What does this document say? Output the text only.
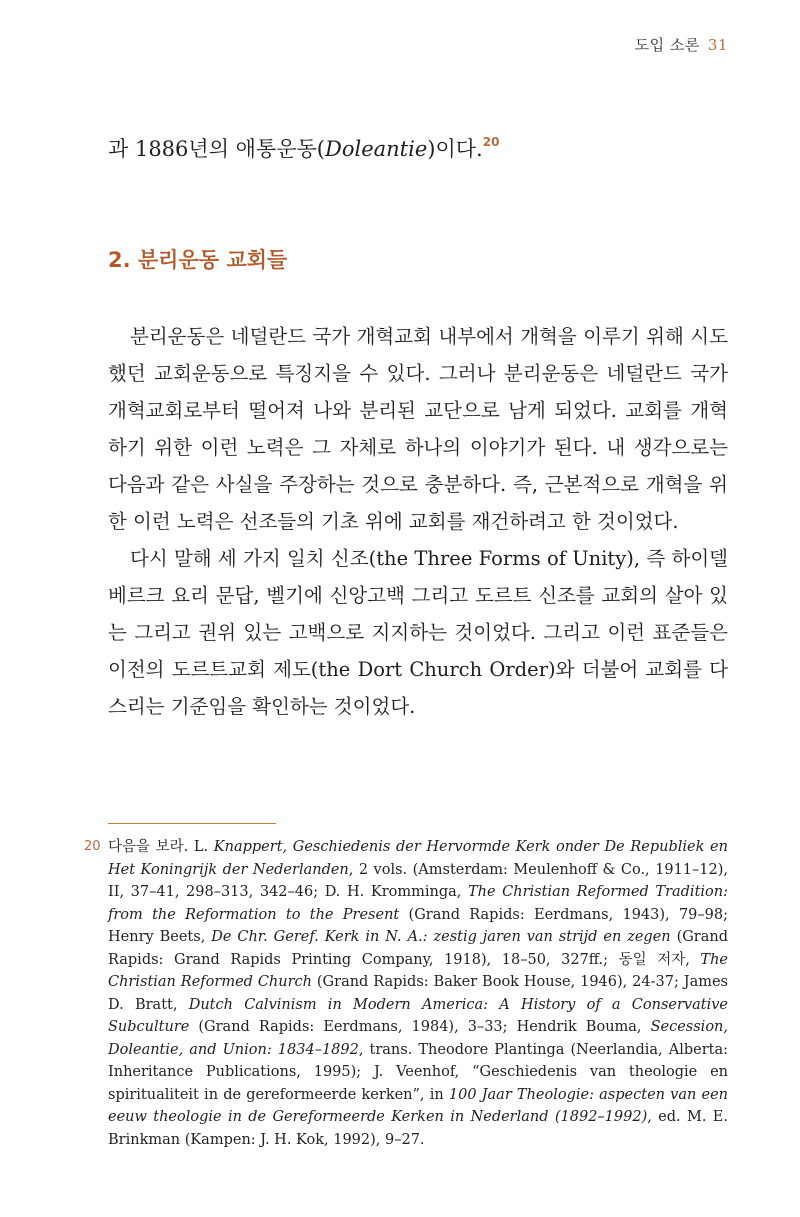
도입 소론 31
과 1886년의 애통운동(Doleantie)이다.$^{20}$
2. 분리운동 교회들

분리운동은 네덜란드 국가 개혁교회 내부에서 개혁을 이루기 위해 시도했던 교회운동으로 특징지을 수 있다. 그러나 분리운동은 네덜란드 국가 개혁교회로부터 떨어져 나와 분리된 교단으로 남게 되었다. 교회를 개혁하기 위한 이런 노력은 그 자체로 하나의 이야기가 된다. 내 생각으로는 다음과 같은 사실을 주장하는 것으로 충분하다. 즉, 근본적으로 개혁을 위한 이런 노력은 선조들의 기초 위에 교회를 재건하려고 한 것이었다.

다시 말해 세 가지 일치 신조(the Three Forms of Unity), 즉 하이델베르크 요리 문답, 벨기에 신앙고백 그리고 도르트 신조를 교회의 살아 있는 그리고 권위 있는 고백으로 지지하는 것이었다. 그리고 이런 표준들은 이전의 도르트교회 제도(the Dort Church Order)와 더불어 교회를 다스리는 기준임을 확인하는 것이었다.

20 다음을 보라. L. Knappert, Geschiedenis der Hervormde Kerk onder De Republiek en Het Koningrijk der Nederlanden, 2 vols. (Amsterdam: Meulenhoff & Co., 1911–12), II, 37–41, 298–313, 342–46; D. H. Kromminga, The Christian Reformed Tradition: from the Reformation to the Present (Grand Rapids: Eerdmans, 1943), 79–98; Henry Beets, De Chr. Geref. Kerk in N. A.: zestig jaren van strijd en zegen (Grand Rapids: Grand Rapids Printing Company, 1918), 18–50, 327ff.; 동일 저자, The Christian Reformed Church (Grand Rapids: Baker Book House, 1946), 24-37; James D. Bratt, Dutch Calvinism in Modern America: A History of a Conservative Subculture (Grand Rapids: Eerdmans, 1984), 3–33; Hendrik Bouma, Secession, Doleantie, and Union: 1834–1892, trans. Theodore Plantinga (Neerlandia, Alberta: Inheritance Publications, 1995); J. Veenhof, “Geschiedenis van theologie en spiritualiteit in de gereformeerde kerken”, in 100 Jaar Theologie: aspecten van een eeuw theologie in de Gereformeerde Kerken in Nederland (1892–1992), ed. M. E. Brinkman (Kampen: J. H. Kok, 1992), 9–27.
